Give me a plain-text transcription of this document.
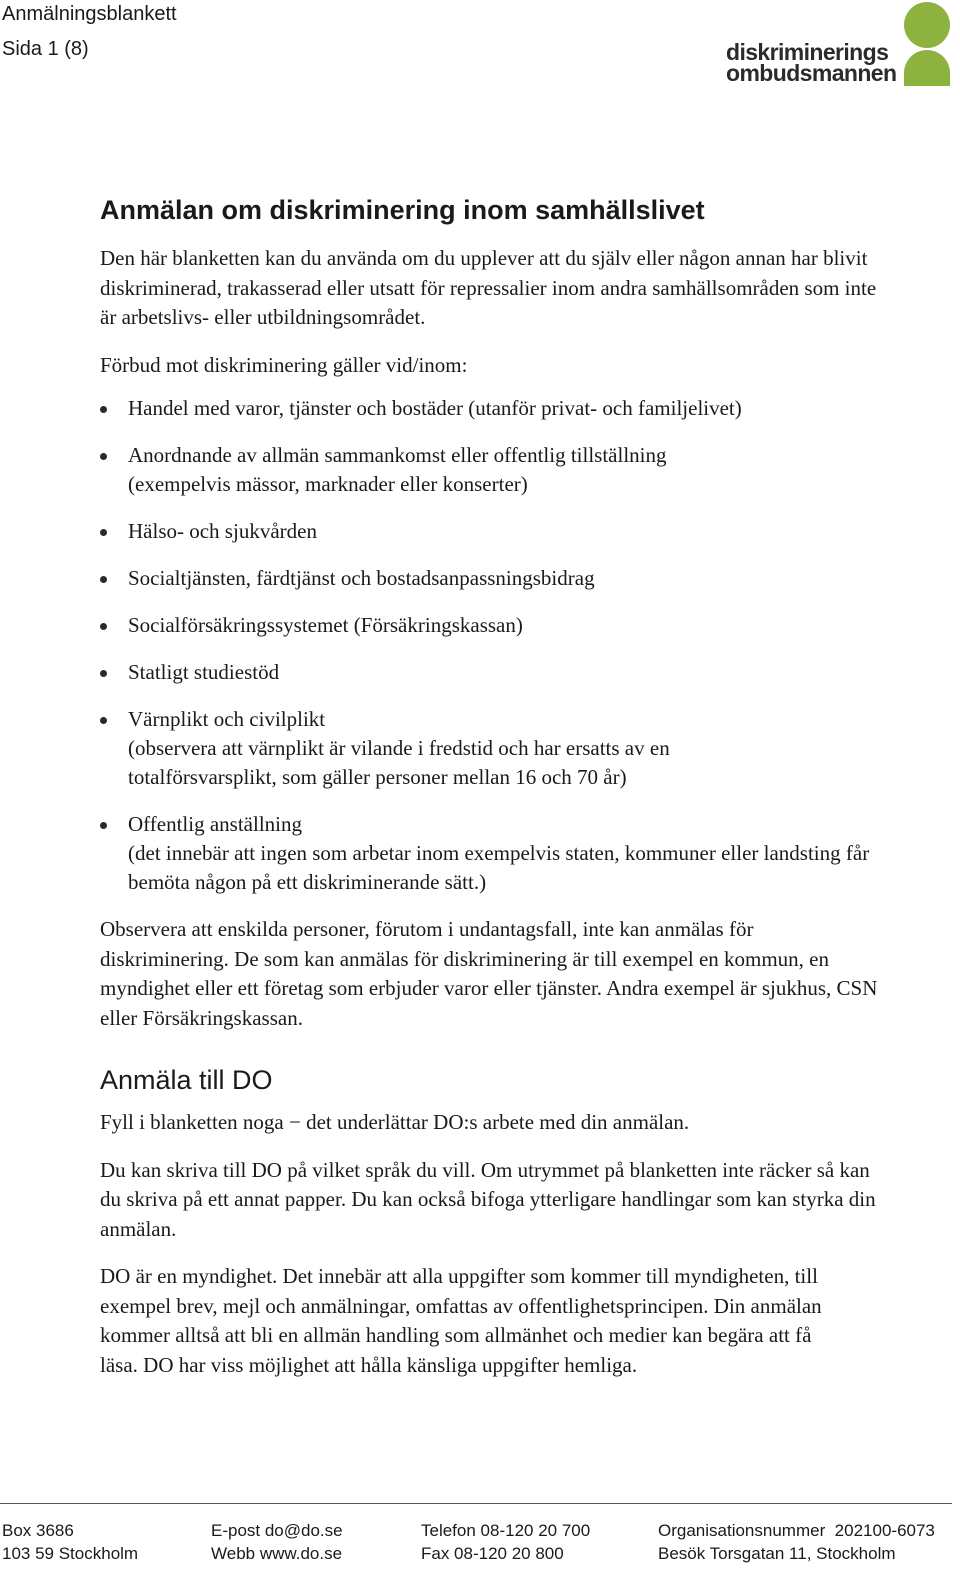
Anmälningsblankett
Sida 1 (8)	diskriminerings
ombudsmannen
Anmälan om diskriminering inom samhällslivet

Den här blanketten kan du använda om du upplever att du själv eller någon annan har blivit diskriminerad, trakasserad eller utsatt för repressalier inom andra samhällsområden som inte är arbetslivs- eller utbildningsområdet.

Förbud mot diskriminering gäller vid/inom:

Handel med varor, tjänster och bostäder (utanför privat- och familjelivet)
Anordnande av allmän sammankomst eller offentlig tillställning
(exempelvis mässor, marknader eller konserter)
Hälso- och sjukvården
Socialtjänsten, färdtjänst och bostadsanpassningsbidrag
Socialförsäkringssystemet (Försäkringskassan)
Statligt studiestöd
Värnplikt och civilplikt
(observera att värnplikt är vilande i fredstid och har ersatts av en totalförsvarsplikt, som gäller personer mellan 16 och 70 år)
Offentlig anställning
(det innebär att ingen som arbetar inom exempelvis staten, kommuner eller landsting får bemöta någon på ett diskriminerande sätt.)

Observera att enskilda personer, förutom i undantagsfall, inte kan anmälas för diskriminering. De som kan anmälas för diskriminering är till exempel en kommun, en myndighet eller ett företag som erbjuder varor eller tjänster. Andra exempel är sjukhus, CSN eller Försäkringskassan.

Anmäla till DO

Fyll i blanketten noga − det underlättar DO:s arbete med din anmälan.

Du kan skriva till DO på vilket språk du vill. Om utrymmet på blanketten inte räcker så kan du skriva på ett annat papper. Du kan också bifoga ytterligare handlingar som kan styrka din anmälan.

DO är en myndighet. Det innebär att alla uppgifter som kommer till myndigheten, till exempel brev, mejl och anmälningar, omfattas av offentlighetsprincipen. Din anmälan kommer alltså att bli en allmän handling som allmänhet och medier kan begära att få läsa. DO har viss möjlighet att hålla känsliga uppgifter hemliga.

Box 3686
103 59 Stockholm
E-post do@do.se
Webb www.do.se
Telefon 08-120 20 700
Fax 08-120 20 800
Organisationsnummer  202100-6073
Besök Torsgatan 11, Stockholm
